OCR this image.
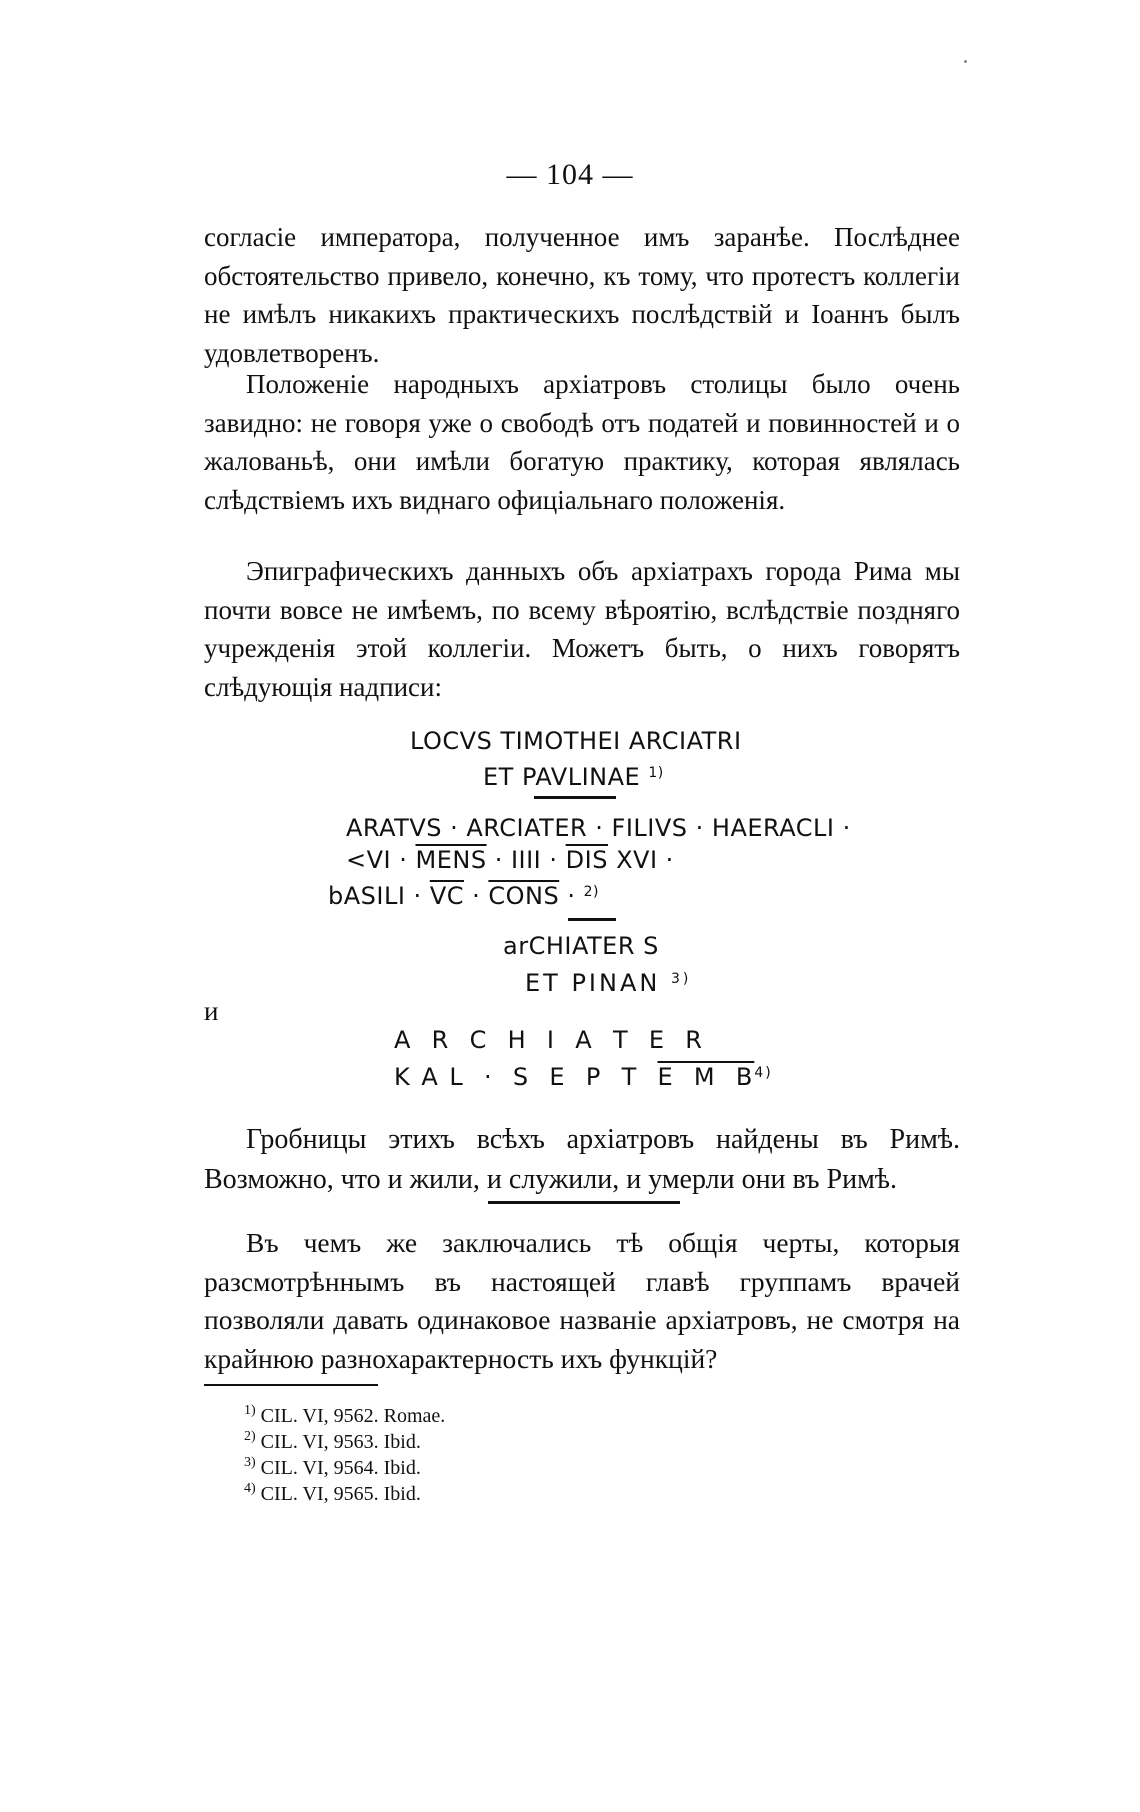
— 104 —
согласіе императора, полученное имъ заранѣе. Послѣднее обстоятельство привело, конечно, къ тому, что протестъ коллегіи не имѣлъ никакихъ практическихъ послѣдствій и Іоаннъ былъ удовлетворенъ.
Положеніе народныхъ архіатровъ столицы было очень завидно: не говоря уже о свободѣ отъ податей и повинностей и о жалованьѣ, они имѣли богатую практику, которая являлась слѣдствіемъ ихъ виднаго офиціальнаго положенія.
Эпиграфическихъ данныхъ объ архіатрахъ города Рима мы почти вовсе не имѣемъ, по всему вѣроятію, вслѣдствіе поздняго учрежденія этой коллегіи. Можетъ быть, о нихъ говорятъ слѣдующія надписи:
LOCVS TIMOTHEI ARCIATRI
ET PAVLINAE $^{1)}$
ARATVS · ARCIATER · FILIVS · HAERACLI ·
<VI · MENS · IIII · $\overline{DIS}$ XVI ·
bASILI · $\overline{VC}$ · CONS · $^{2)}$
arCHIATER S
ET PINAN $^{3)}$
и
A  R  C  H  I  A  T  E  R
K A L  ·  S  E  P  T  E  M  $B^{4)}$
Гробницы этихъ всѣхъ архіатровъ найдены въ Римѣ.
Возможно, что и жили, и служили, и умерли они въ Римѣ.
Въ чемъ же заключались тѣ общія черты, которыя разсмотрѣннымъ въ настоящей главѣ группамъ врачей позволяли давать одинаковое названіе архіатровъ, не смотря на крайнюю разнохарактерность ихъ функцій?
$^{1)}$ CIL. VI, 9562. Romae.
$^{2)}$ CIL. VI, 9563. Ibid.
$^{3)}$ CIL. VI, 9564. Ibid.
$^{4)}$ CIL. VI, 9565. Ibid.
